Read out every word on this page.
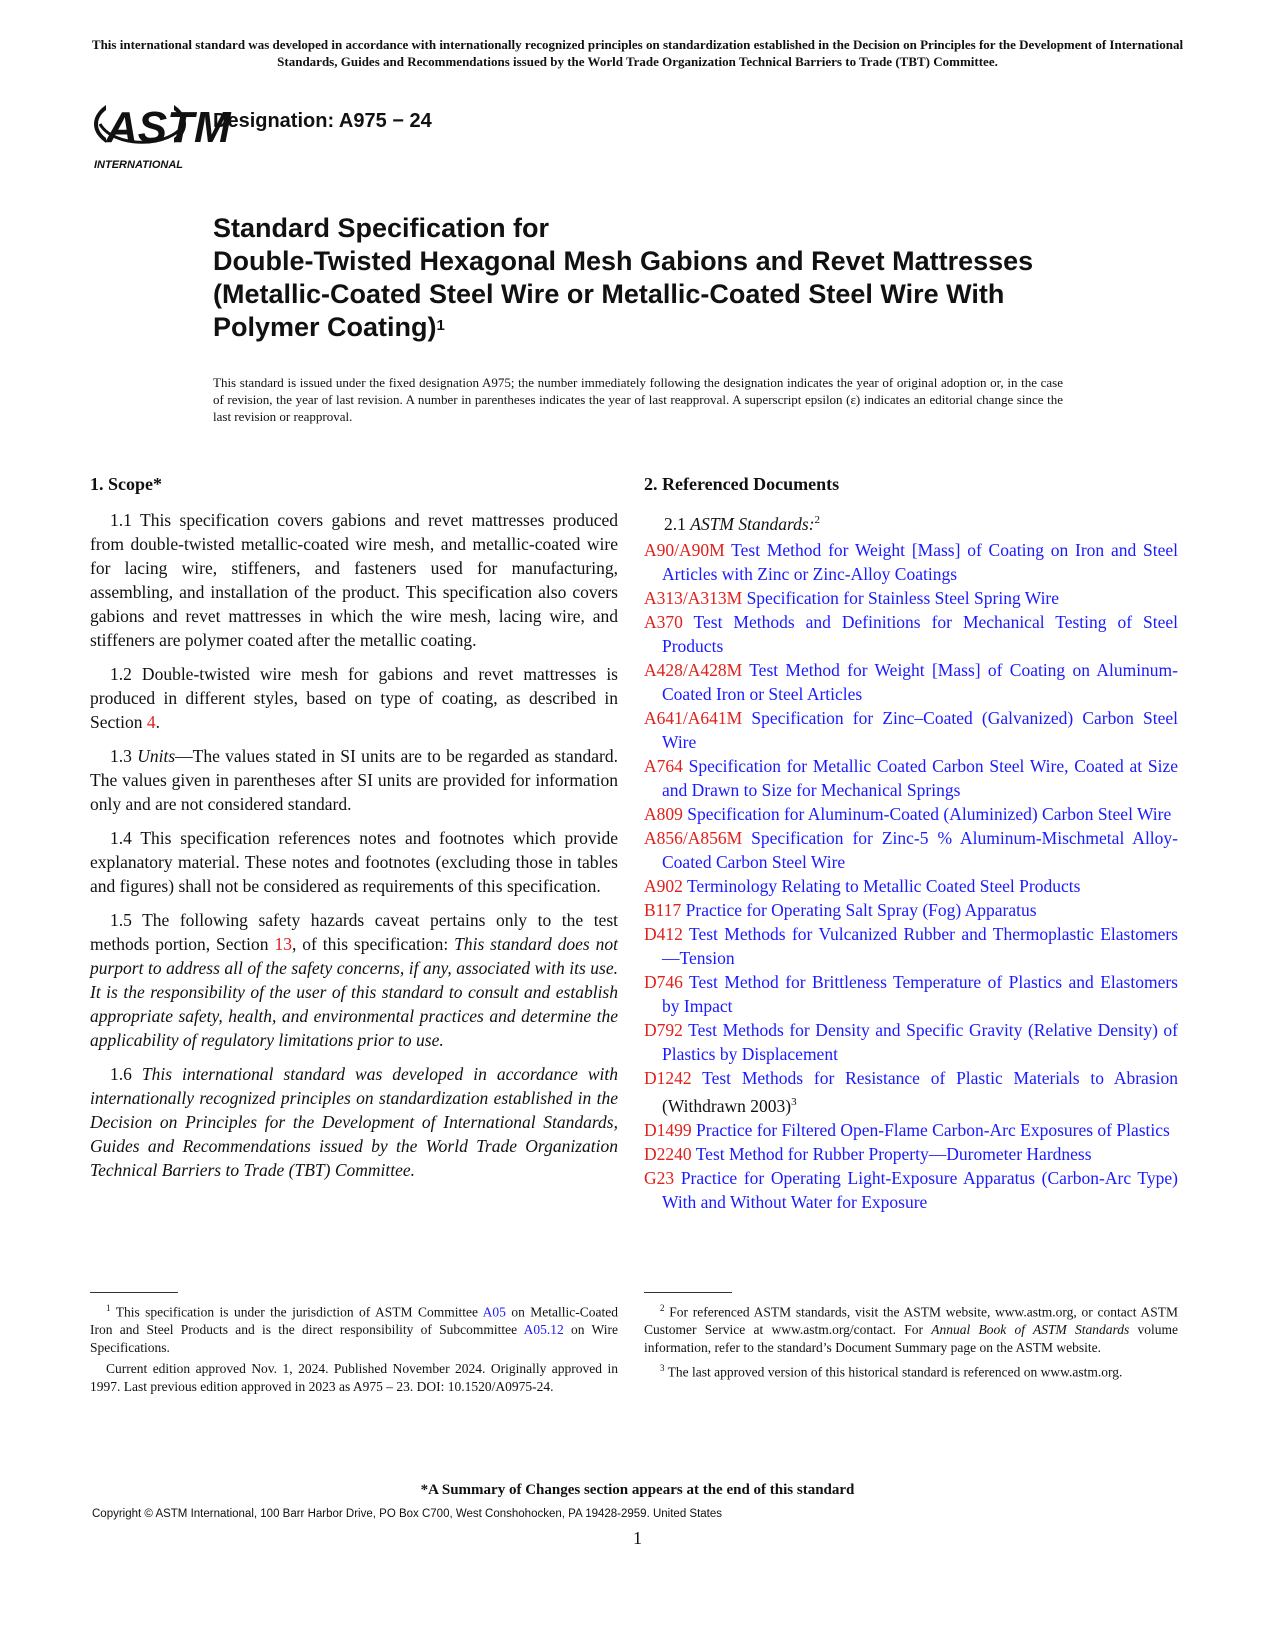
This international standard was developed in accordance with internationally recognized principles on standardization established in the Decision on Principles for the Development of International Standards, Guides and Recommendations issued by the World Trade Organization Technical Barriers to Trade (TBT) Committee.
ASTM
INTERNATIONAL
Designation: A975 − 24
Standard Specification for
Double-Twisted Hexagonal Mesh Gabions and Revet Mattresses (Metallic-Coated Steel Wire or Metallic-Coated Steel Wire With Polymer Coating)$^1$
This standard is issued under the fixed designation A975; the number immediately following the designation indicates the year of original adoption or, in the case of revision, the year of last revision. A number in parentheses indicates the year of last reapproval. A superscript epsilon (ε) indicates an editorial change since the last revision or reapproval.
1. Scope*

1.1 This specification covers gabions and revet mattresses produced from double-twisted metallic-coated wire mesh, and metallic-coated wire for lacing wire, stiffeners, and fasteners used for manufacturing, assembling, and installation of the product. This specification also covers gabions and revet mattresses in which the wire mesh, lacing wire, and stiffeners are polymer coated after the metallic coating.

1.2 Double-twisted wire mesh for gabions and revet mattresses is produced in different styles, based on type of coating, as described in Section 4.

1.3 Units—The values stated in SI units are to be regarded as standard. The values given in parentheses after SI units are provided for information only and are not considered standard.

1.4 This specification references notes and footnotes which provide explanatory material. These notes and footnotes (excluding those in tables and figures) shall not be considered as requirements of this specification.

1.5 The following safety hazards caveat pertains only to the test methods portion, Section 13, of this specification: This standard does not purport to address all of the safety concerns, if any, associated with its use. It is the responsibility of the user of this standard to consult and establish appropriate safety, health, and environmental practices and determine the applicability of regulatory limitations prior to use.

1.6 This international standard was developed in accordance with internationally recognized principles on standardization established in the Decision on Principles for the Development of International Standards, Guides and Recommendations issued by the World Trade Organization Technical Barriers to Trade (TBT) Committee.

2. Referenced Documents
2.1 ASTM Standards:$^2$
A90/A90M Test Method for Weight [Mass] of Coating on Iron and Steel Articles with Zinc or Zinc-Alloy Coatings
A313/A313M Specification for Stainless Steel Spring Wire
A370 Test Methods and Definitions for Mechanical Testing of Steel Products
A428/A428M Test Method for Weight [Mass] of Coating on Aluminum-Coated Iron or Steel Articles
A641/A641M Specification for Zinc–Coated (Galvanized) Carbon Steel Wire
A764 Specification for Metallic Coated Carbon Steel Wire, Coated at Size and Drawn to Size for Mechanical Springs
A809 Specification for Aluminum-Coated (Aluminized) Carbon Steel Wire
A856/A856M Specification for Zinc-5 % Aluminum-Mischmetal Alloy-Coated Carbon Steel Wire
A902 Terminology Relating to Metallic Coated Steel Products
B117 Practice for Operating Salt Spray (Fog) Apparatus
D412 Test Methods for Vulcanized Rubber and Thermoplastic Elastomers—Tension
D746 Test Method for Brittleness Temperature of Plastics and Elastomers by Impact
D792 Test Methods for Density and Specific Gravity (Relative Density) of Plastics by Displacement
D1242 Test Methods for Resistance of Plastic Materials to Abrasion (Withdrawn 2003)$^3$
D1499 Practice for Filtered Open-Flame Carbon-Arc Exposures of Plastics
D2240 Test Method for Rubber Property—Durometer Hardness
G23 Practice for Operating Light-Exposure Apparatus (Carbon-Arc Type) With and Without Water for Exposure

$^1$ This specification is under the jurisdiction of ASTM Committee A05 on Metallic-Coated Iron and Steel Products and is the direct responsibility of Subcommittee A05.12 on Wire Specifications.

Current edition approved Nov. 1, 2024. Published November 2024. Originally approved in 1997. Last previous edition approved in 2023 as A975 – 23. DOI: 10.1520/A0975-24.

$^2$ For referenced ASTM standards, visit the ASTM website, www.astm.org, or contact ASTM Customer Service at www.astm.org/contact. For Annual Book of ASTM Standards volume information, refer to the standard’s Document Summary page on the ASTM website.

$^3$ The last approved version of this historical standard is referenced on www.astm.org.

*A Summary of Changes section appears at the end of this standard
Copyright © ASTM International, 100 Barr Harbor Drive, PO Box C700, West Conshohocken, PA 19428-2959. United States
1
